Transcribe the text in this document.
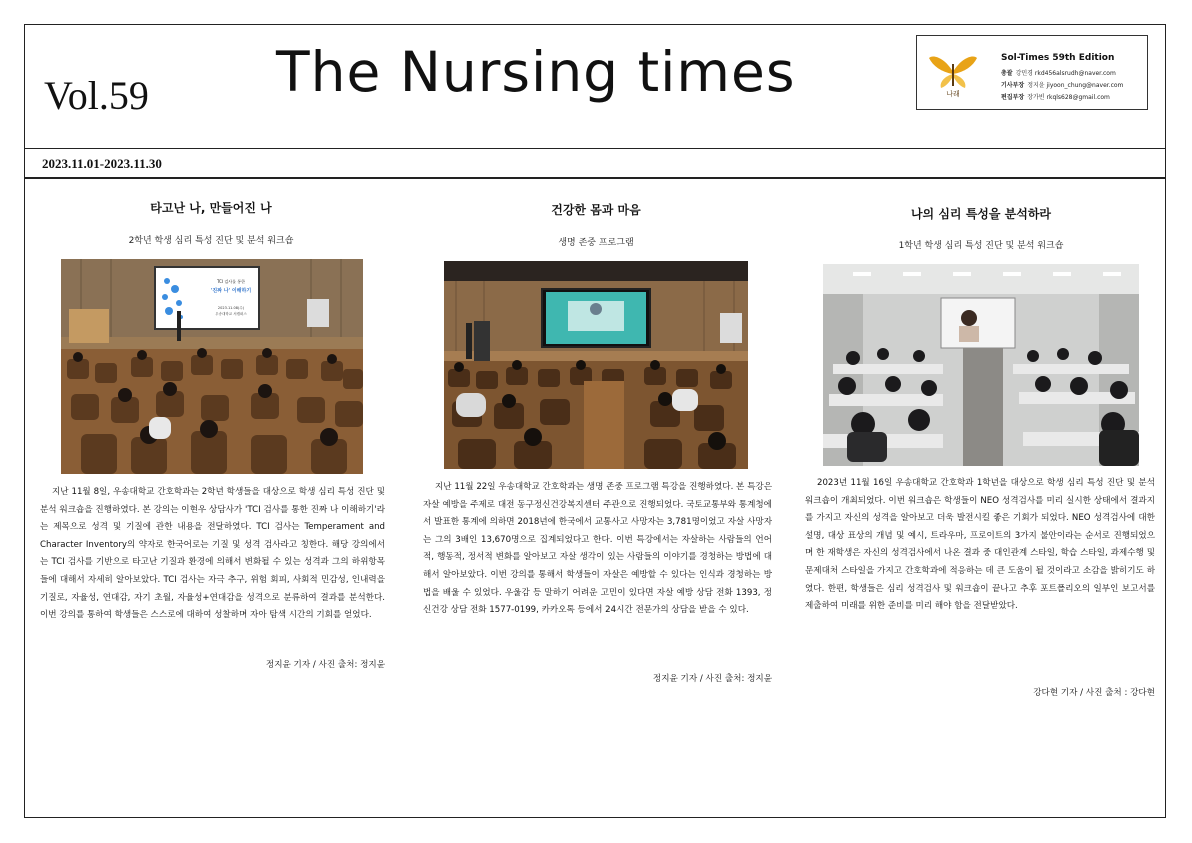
Vol.59 The Nursing times	나래
Sol-Times 59th Edition
총괄 강민경 rkd456alsrudh@naver.com
기사부장 정지윤 jiyoon_chung@naver.com
편집부장 장가빈 rkqls628@gmail.com
2023.11.01-2023.11.30
타고난 나, 만들어진 나
2학년 학생 심리 특성 진단 및 분석 워크숍
TCI 검사를 통한
'진짜 나' 이해하기
2023.11.08(수)
우송대학교 서캠퍼스
지난 11월 8일, 우송대학교 간호학과는 2학년 학생들을 대상으로 학생 심리 특성 진단 및 분석 워크숍을 진행하였다. 본 강의는 이현우 상담사가 'TCI 검사를 통한 진짜 나 이해하기'라는 제목으로 성격 및 기질에 관한 내용을 전달하였다. TCI 검사는 Temperament and Character Inventory의 약자로 한국어로는 기질 및 성격 검사라고 칭한다. 해당 강의에서는 TCI 검사를 기반으로 타고난 기질과 환경에 의해서 변화될 수 있는 성격과 그의 하위항목들에 대해서 자세히 알아보았다. TCI 검사는 자극 추구, 위험 회피, 사회적 민감성, 인내력을 기질로, 자율성, 연대감, 자기 초월, 자율성+연대감을 성격으로 분류하여 결과를 분석한다. 이번 강의를 통하여 학생들은 스스로에 대하여 성찰하며 자아 탐색 시간의 기회를 얻었다.
정지윤 기자 / 사진 출처: 정지윤
건강한 몸과 마음
생명 존중 프로그램
지난 11월 22일 우송대학교 간호학과는 생명 존중 프로그램 특강을 진행하였다. 본 특강은 자살 예방을 주제로 대전 동구정신건강복지센터 주관으로 진행되었다. 국토교통부와 통계청에서 발표한 통계에 의하면 2018년에 한국에서 교통사고 사망자는 3,781명이었고 자살 사망자는 그의 3배인 13,670명으로 집계되었다고 한다. 이번 특강에서는 자살하는 사람들의 언어적, 행동적, 정서적 변화를 알아보고 자살 생각이 있는 사람들의 이야기를 경청하는 방법에 대해서 알아보았다. 이번 강의를 통해서 학생들이 자살은 예방할 수 있다는 인식과 경청하는 방법을 배울 수 있었다. 우울감 등 말하기 어려운 고민이 있다면 자살 예방 상담 전화 1393, 정신건강 상담 전화 1577-0199, 카카오톡 등에서 24시간 전문가의 상담을 받을 수 있다.
정지윤 기자 / 사진 출처: 정지윤
나의 심리 특성을 분석하라
1학년 학생 심리 특성 진단 및 분석 워크숍
2023년 11월 16일 우송대학교 간호학과 1학년을 대상으로 학생 심리 특성 진단 및 분석 워크숍이 개최되었다. 이번 워크숍은 학생들이 NEO 성격검사를 미리 실시한 상태에서 결과지를 가지고 자신의 성격을 알아보고 더욱 발전시킬 좋은 기회가 되었다. NEO 성격검사에 대한 설명, 대상 표상의 개념 및 예시, 트라우마, 프로이트의 3가지 불안이라는 순서로 진행되었으며 한 재학생은 자신의 성격검사에서 나온 결과 중 대인관계 스타일, 학습 스타일, 과제수행 및 문제대처 스타일을 가지고 간호학과에 적응하는 데 큰 도움이 될 것이라고 소감을 밝히기도 하였다. 한편, 학생들은 심리 성격검사 및 워크숍이 끝나고 추후 포트폴리오의 일부인 보고서를 제출하여 미래를 위한 준비를 미리 해야 함을 전달받았다.
강다현 기자 / 사진 출처 : 강다현
